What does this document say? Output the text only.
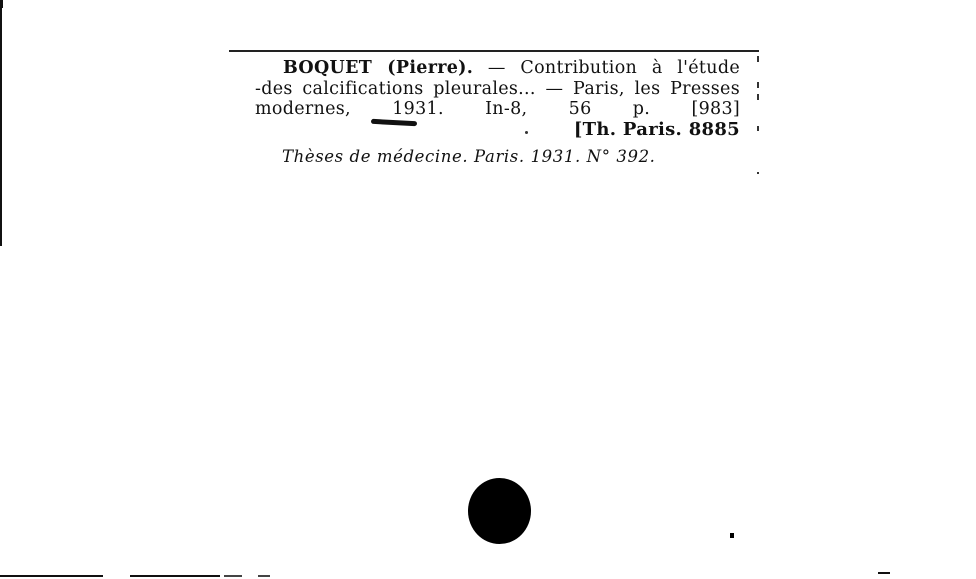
BOQUET (Pierre). — Contribution à l'étude
-des calcifications pleurales... — Paris, les Presses
modernes, 1931. In-8, 56 p. [983]
[Th. Paris. 8885
Thèses de médecine. Paris. 1931. N° 392.
